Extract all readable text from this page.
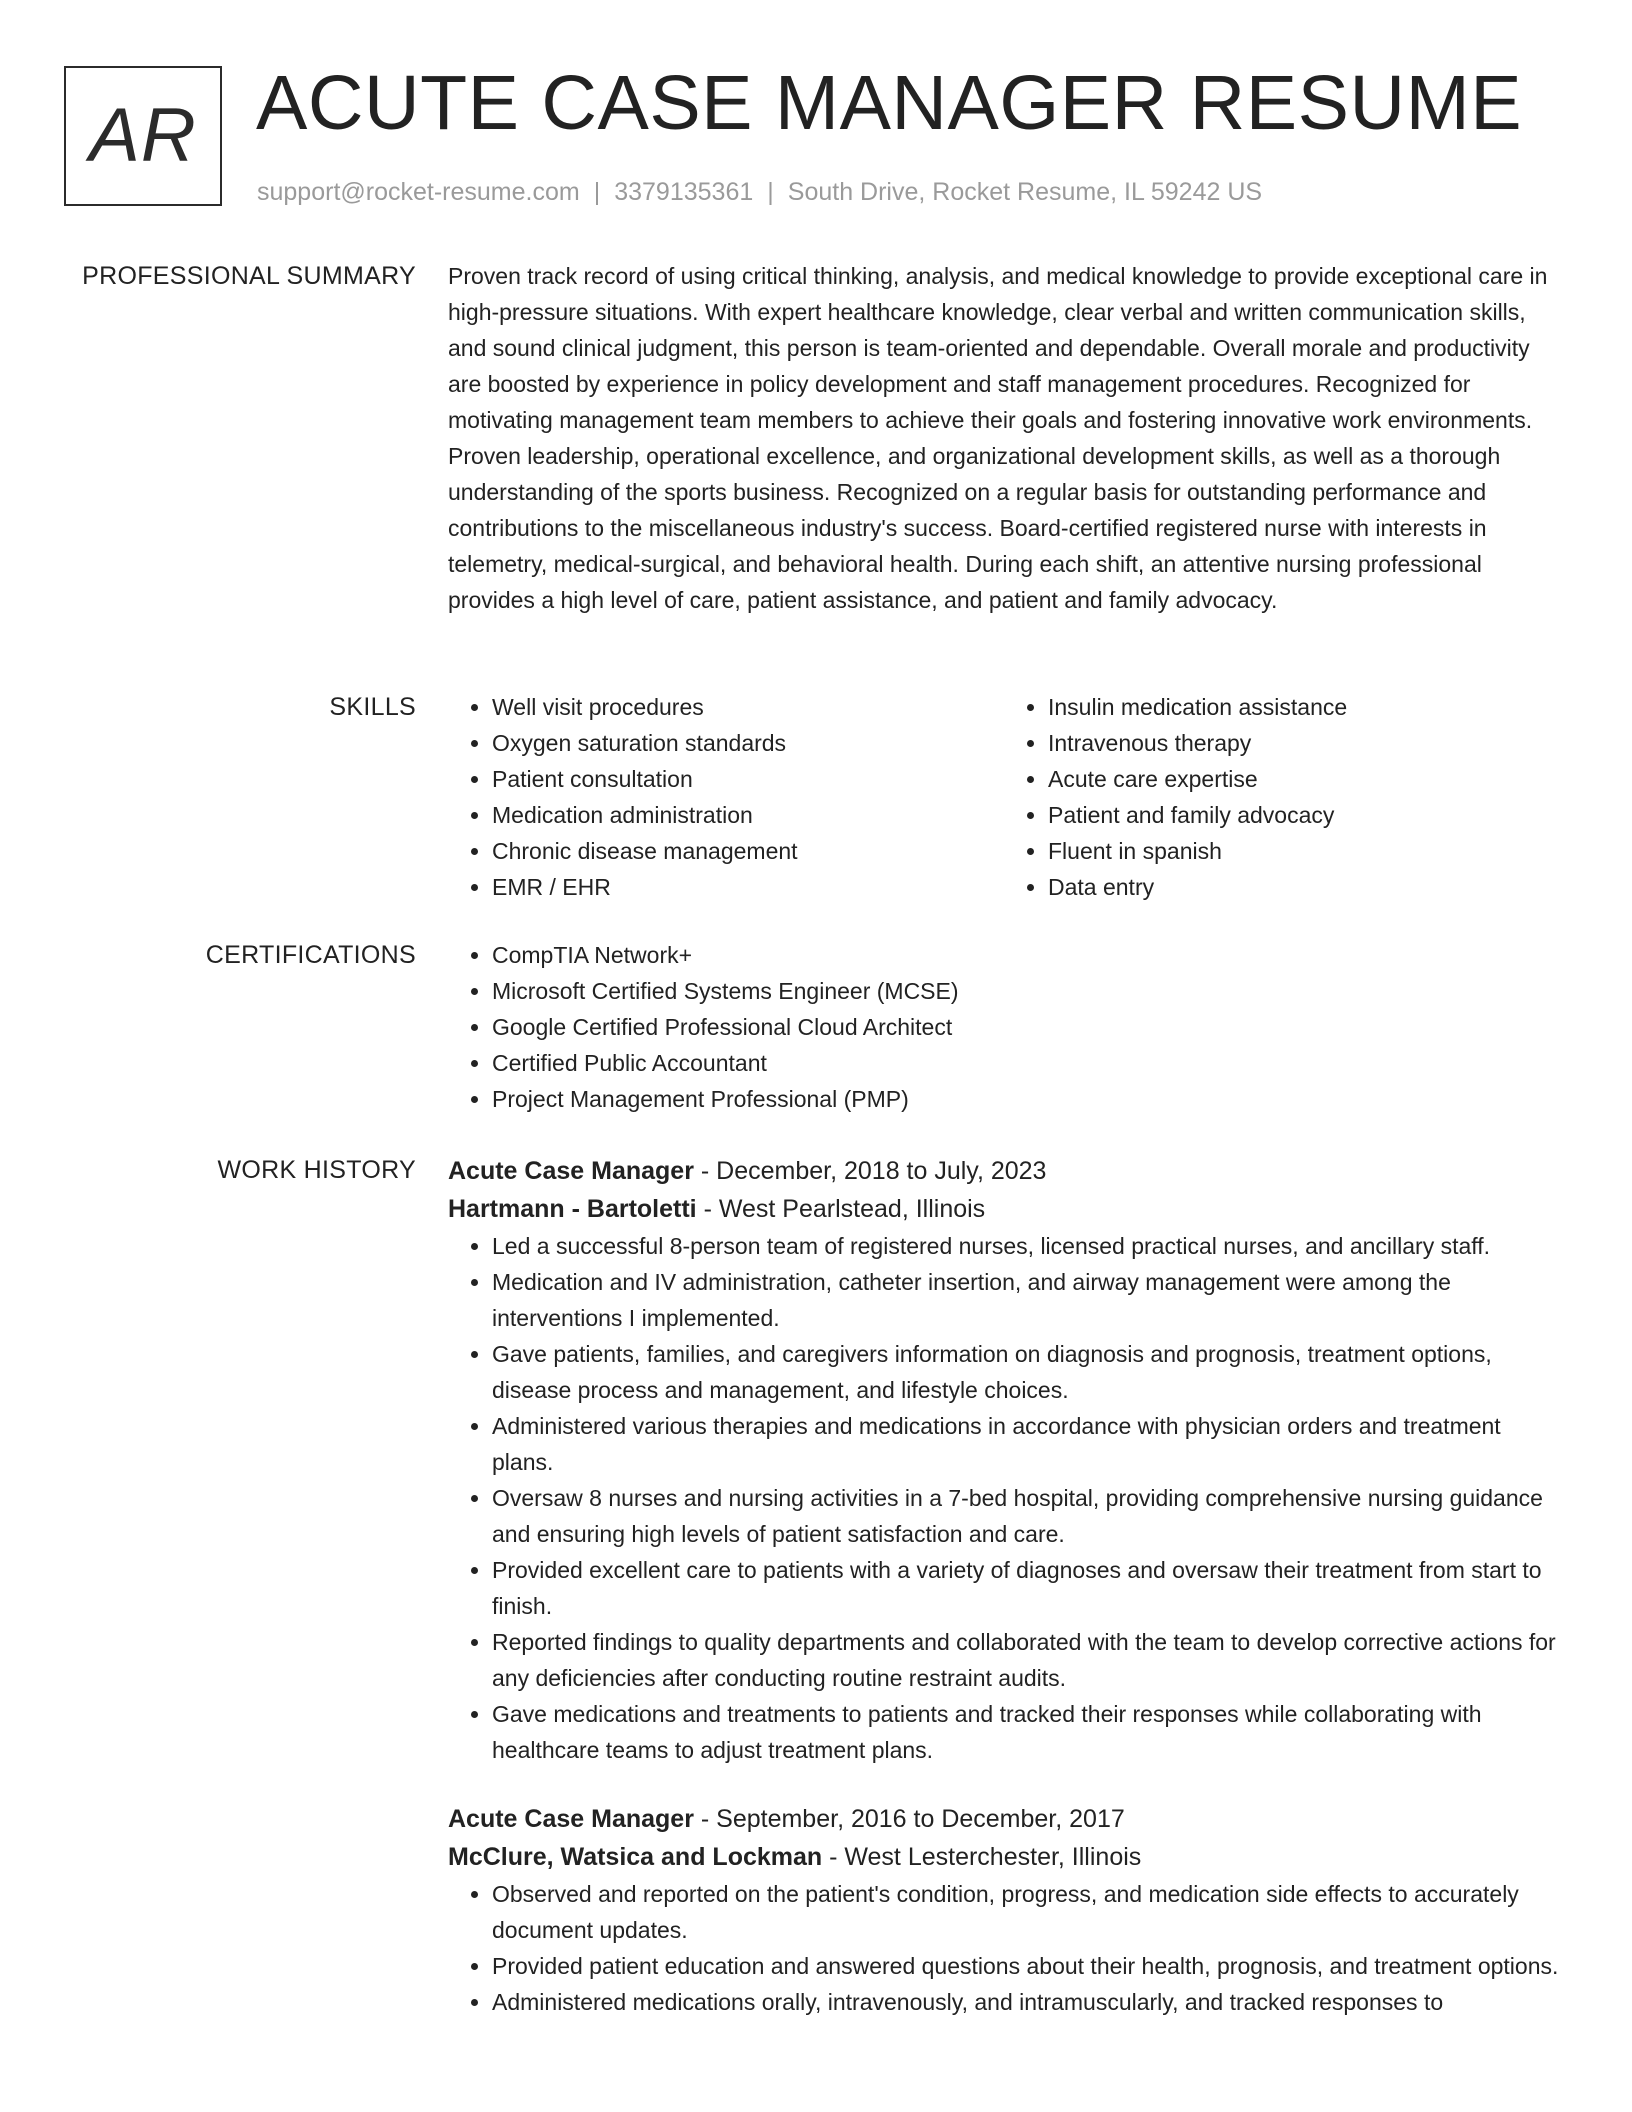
AR ACUTE CASE MANAGER RESUME
support@rocket-resume.com | 3379135361 | South Drive, Rocket Resume, IL 59242 US
PROFESSIONAL SUMMARY Proven track record of using critical thinking, analysis, and medical knowledge to provide exceptional care in high-pressure situations. With expert healthcare knowledge, clear verbal and written communication skills, and sound clinical judgment, this person is team-oriented and dependable. Overall morale and productivity are boosted by experience in policy development and staff management procedures. Recognized for motivating management team members to achieve their goals and fostering innovative work environments. Proven leadership, operational excellence, and organizational development skills, as well as a thorough understanding of the sports business. Recognized on a regular basis for outstanding performance and contributions to the miscellaneous industry's success. Board-certified registered nurse with interests in telemetry, medical-surgical, and behavioral health. During each shift, an attentive nursing professional provides a high level of care, patient assistance, and patient and family advocacy.

SKILLS	• Well visit procedures
• Oxygen saturation standards
• Patient consultation
• Medication administration
• Chronic disease management
• EMR / EHR
• Insulin medication assistance
• Intravenous therapy
• Acute care expertise
• Patient and family advocacy
• Fluent in spanish
• Data entry
CERTIFICATIONS	• CompTIA Network+
• Microsoft Certified Systems Engineer (MCSE)
• Google Certified Professional Cloud Architect
• Certified Public Accountant
• Project Management Professional (PMP)
WORK HISTORY Acute Case Manager - December, 2018 to July, 2023
Hartmann - Bartoletti - West Pearlstead, Illinois
• Led a successful 8-person team of registered nurses, licensed practical nurses, and ancillary staff.
• Medication and IV administration, catheter insertion, and airway management were among the interventions I implemented.
• Gave patients, families, and caregivers information on diagnosis and prognosis, treatment options, disease process and management, and lifestyle choices.
• Administered various therapies and medications in accordance with physician orders and treatment plans.
• Oversaw 8 nurses and nursing activities in a 7-bed hospital, providing comprehensive nursing guidance and ensuring high levels of patient satisfaction and care.
• Provided excellent care to patients with a variety of diagnoses and oversaw their treatment from start to finish.
• Reported findings to quality departments and collaborated with the team to develop corrective actions for any deficiencies after conducting routine restraint audits.
• Gave medications and treatments to patients and tracked their responses while collaborating with healthcare teams to adjust treatment plans.
Acute Case Manager - September, 2016 to December, 2017
McClure, Watsica and Lockman - West Lesterchester, Illinois
• Observed and reported on the patient's condition, progress, and medication side effects to accurately document updates.
• Provided patient education and answered questions about their health, prognosis, and treatment options.
• Administered medications orally, intravenously, and intramuscularly, and tracked responses to
